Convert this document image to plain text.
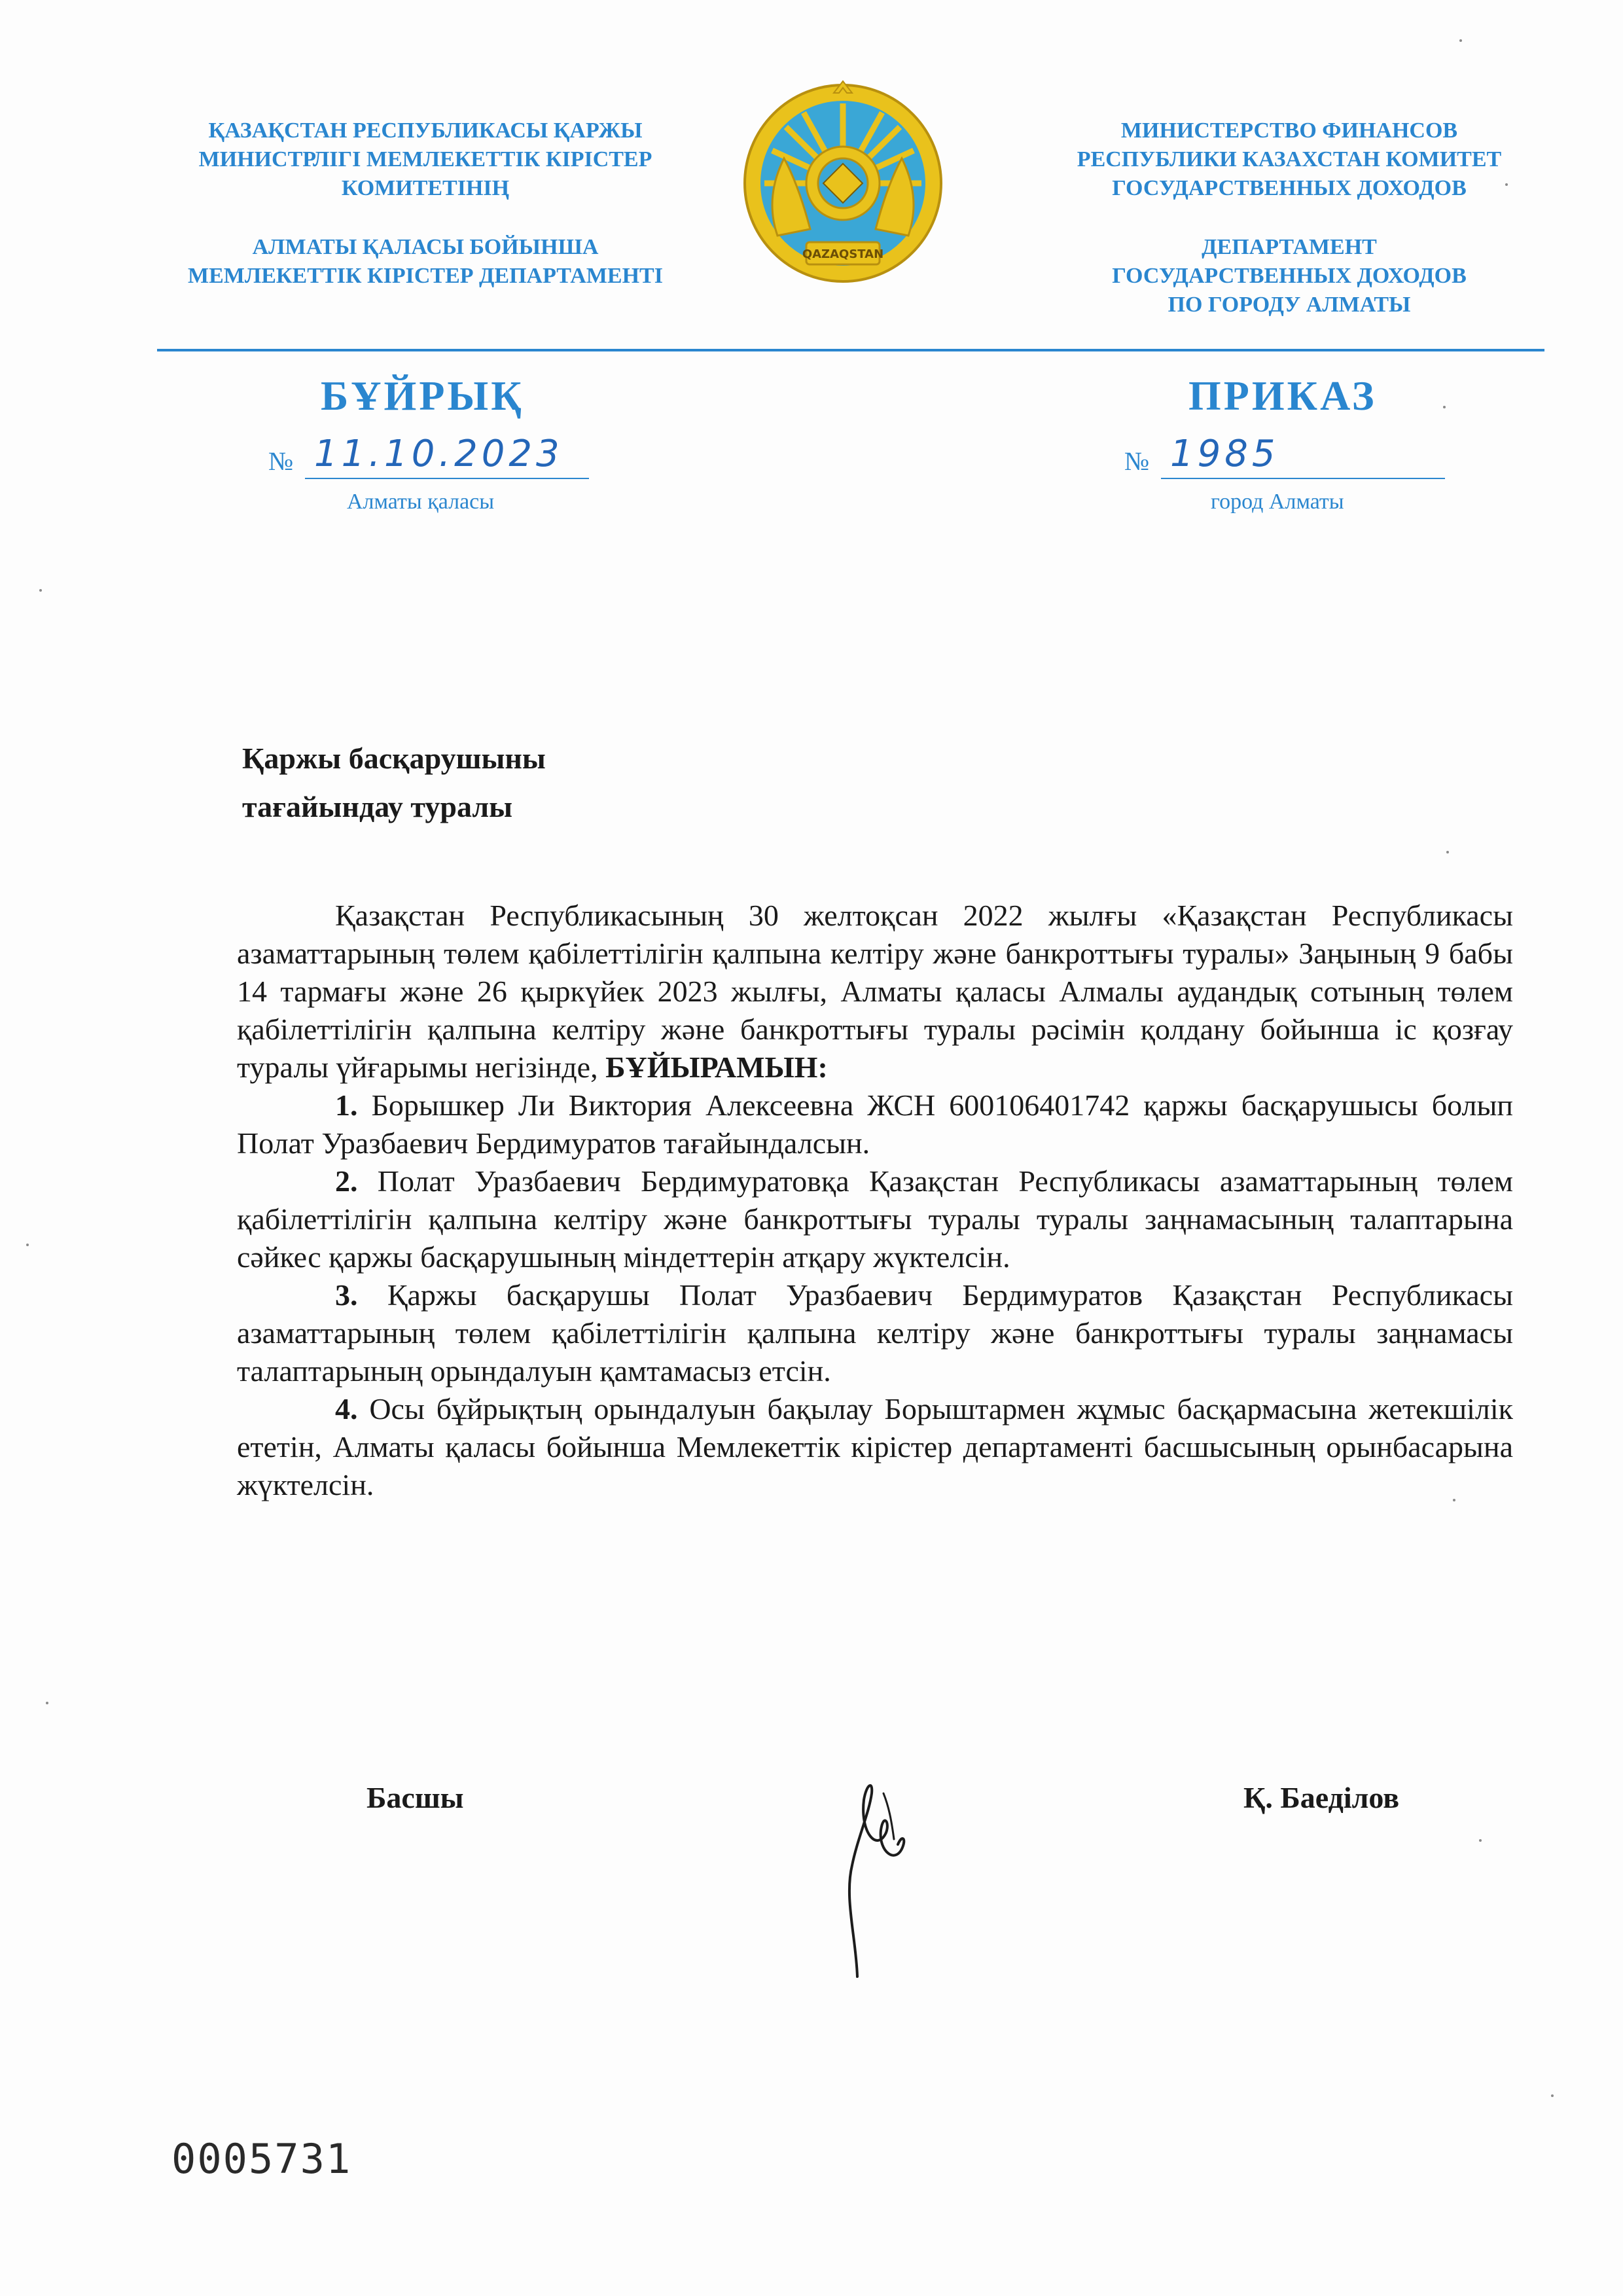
ҚАЗАҚСТАН РЕСПУБЛИКАСЫ ҚАРЖЫ
МИНИСТРЛІГІ МЕМЛЕКЕТТІК КІРІСТЕР
КОМИТЕТІНІҢ
АЛМАТЫ ҚАЛАСЫ БОЙЫНША
МЕМЛЕКЕТТІК КІРІСТЕР ДЕПАРТАМЕНТІ
QAZAQSTAN
МИНИСТЕРСТВО ФИНАНСОВ
РЕСПУБЛИКИ КАЗАХСТАН КОМИТЕТ
ГОСУДАРСТВЕННЫХ ДОХОДОВ
ДЕПАРТАМЕНТ
ГОСУДАРСТВЕННЫХ ДОХОДОВ
ПО ГОРОДУ АЛМАТЫ
БҰЙРЫҚ	ПРИКАЗ
№ 11.10.2023	№ 1985
Алматы қаласы	город Алматы
Қаржы басқарушыны
тағайындау туралы

Қазақстан Республикасының 30 желтоқсан 2022 жылғы «Қазақстан Республикасы азаматтарының төлем қабілеттілігін қалпына келтіру және банкроттығы туралы» Заңының 9 бабы 14 тармағы және 26 қыркүйек 2023 жылғы, Алматы қаласы Алмалы аудандық сотының төлем қабілеттілігін қалпына келтіру және банкроттығы туралы рәсімін қолдану бойынша іс қозғау туралы үйғарымы негізінде, БҰЙЫРАМЫН:

1. Борышкер Ли Виктория Алексеевна ЖСН 600106401742 қаржы басқарушысы болып Полат Уразбаевич Бердимуратов тағайындалсын.

2. Полат Уразбаевич Бердимуратовқа Қазақстан Республикасы азаматтарының төлем қабілеттілігін қалпына келтіру және банкроттығы туралы туралы заңнамасының талаптарына сәйкес қаржы басқарушының міндеттерін атқару жүктелсін.

3. Қаржы басқарушы Полат Уразбаевич Бердимуратов Қазақстан Республикасы азаматтарының төлем қабілеттілігін қалпына келтіру және банкроттығы туралы заңнамасы талаптарының орындалуын қамтамасыз етсін.

4. Осы бұйрықтың орындалуын бақылау Борыштармен жұмыс басқармасына жетекшілік ететін, Алматы қаласы бойынша Мемлекеттік кірістер департаменті басшысының орынбасарына жүктелсін.

Басшы	Қ. Баеділов
0005731
